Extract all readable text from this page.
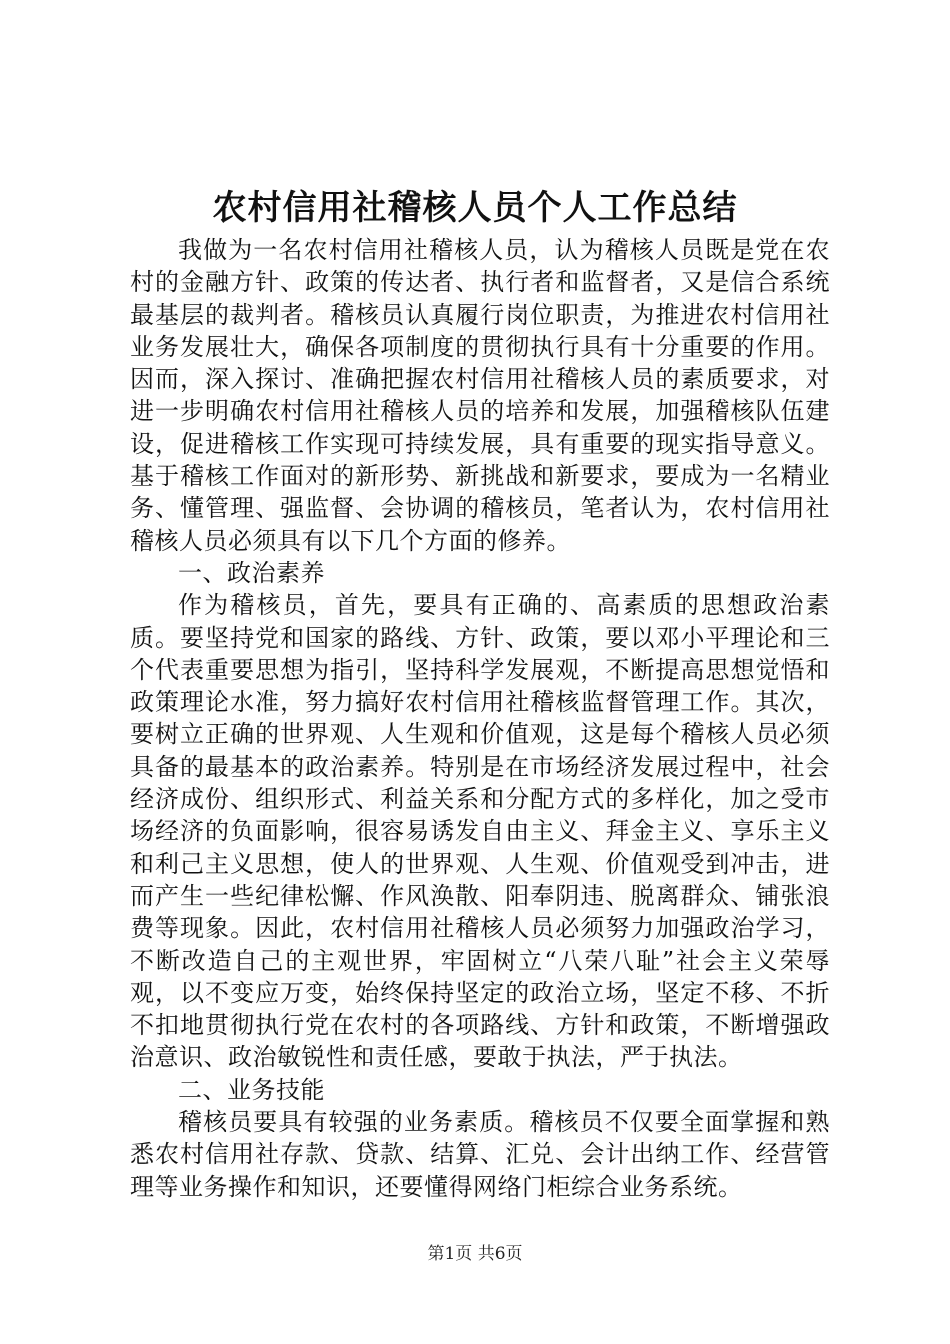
农村信用社稽核人员个人工作总结

我做为一名农村信用社稽核人员，认为稽核人员既是党在农村的金融方针、政策的传达者、执行者和监督者，又是信合系统最基层的裁判者。稽核员认真履行岗位职责，为推进农村信用社业务发展壮大，确保各项制度的贯彻执行具有十分重要的作用。因而，深入探讨、准确把握农村信用社稽核人员的素质要求，对进一步明确农村信用社稽核人员的培养和发展，加强稽核队伍建设，促进稽核工作实现可持续发展，具有重要的现实指导意义。基于稽核工作面对的新形势、新挑战和新要求，要成为一名精业务、懂管理、强监督、会协调的稽核员，笔者认为，农村信用社稽核人员必须具有以下几个方面的修养。

一、政治素养

作为稽核员，首先，要具有正确的、高素质的思想政治素质。要坚持党和国家的路线、方针、政策，要以邓小平理论和三个代表重要思想为指引，坚持科学发展观，不断提高思想觉悟和政策理论水准，努力搞好农村信用社稽核监督管理工作。其次，要树立正确的世界观、人生观和价值观，这是每个稽核人员必须具备的最基本的政治素养。特别是在市场经济发展过程中，社会经济成份、组织形式、利益关系和分配方式的多样化，加之受市场经济的负面影响，很容易诱发自由主义、拜金主义、享乐主义和利己主义思想，使人的世界观、人生观、价值观受到冲击，进而产生一些纪律松懈、作风涣散、阳奉阴违、脱离群众、铺张浪费等现象。因此，农村信用社稽核人员必须努力加强政治学习，不断改造自己的主观世界，牢固树立“八荣八耻”社会主义荣辱观，以不变应万变，始终保持坚定的政治立场，坚定不移、不折不扣地贯彻执行党在农村的各项路线、方针和政策，不断增强政治意识、政治敏锐性和责任感，要敢于执法，严于执法。

二、业务技能

稽核员要具有较强的业务素质。稽核员不仅要全面掌握和熟悉农村信用社存款、贷款、结算、汇兑、会计出纳工作、经营管理等业务操作和知识，还要懂得网络门柜综合业务系统。

第1页 共6页
